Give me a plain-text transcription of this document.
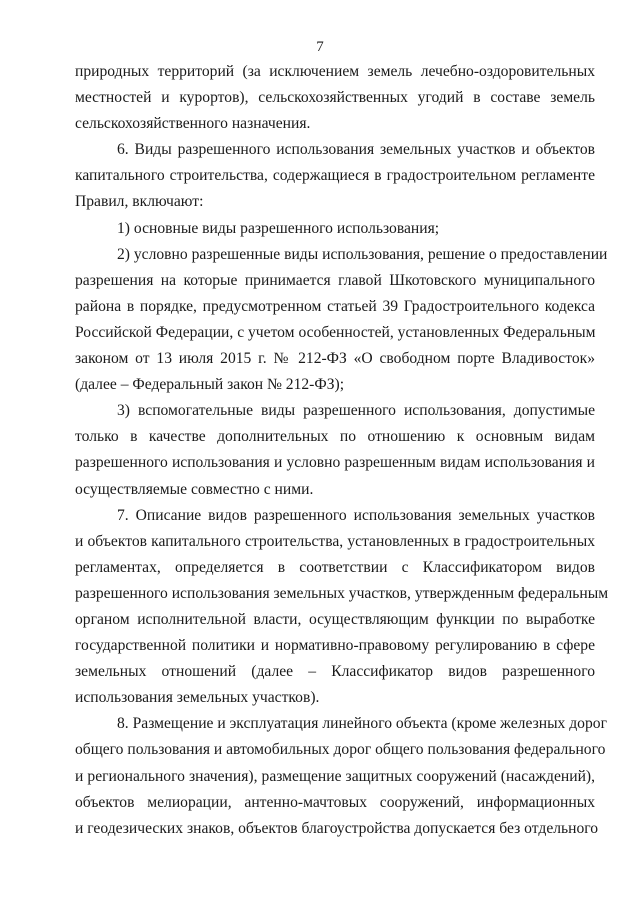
7

природных территорий (за исключением земель лечебно-оздоровительных
местностей и курортов), сельскохозяйственных угодий в составе земель
сельскохозяйственного назначения.

6. Виды разрешенного использования земельных участков и объектов
капитального строительства, содержащиеся в градостроительном регламенте
Правил, включают:

1) основные виды разрешенного использования;

2) условно разрешенные виды использования, решение о предоставлении
разрешения на которые принимается главой Шкотовского муниципального
района в порядке, предусмотренном статьей 39 Градостроительного кодекса
Российской Федерации, с учетом особенностей, установленных Федеральным
законом от 13 июля 2015 г. № 212-ФЗ «О свободном порте Владивосток»
(далее – Федеральный закон № 212-ФЗ);

3) вспомогательные виды разрешенного использования, допустимые
только в качестве дополнительных по отношению к основным видам
разрешенного использования и условно разрешенным видам использования и
осуществляемые совместно с ними.

7. Описание видов разрешенного использования земельных участков
и объектов капитального строительства, установленных в градостроительных
регламентах, определяется в соответствии с Классификатором видов
разрешенного использования земельных участков, утвержденным федеральным
органом исполнительной власти, осуществляющим функции по выработке
государственной политики и нормативно-правовому регулированию в сфере
земельных отношений (далее – Классификатор видов разрешенного
использования земельных участков).

8. Размещение и эксплуатация линейного объекта (кроме железных дорог
общего пользования и автомобильных дорог общего пользования федерального
и регионального значения), размещение защитных сооружений (насаждений),
объектов мелиорации, антенно-мачтовых сооружений, информационных
и геодезических знаков, объектов благоустройства допускается без отдельного
